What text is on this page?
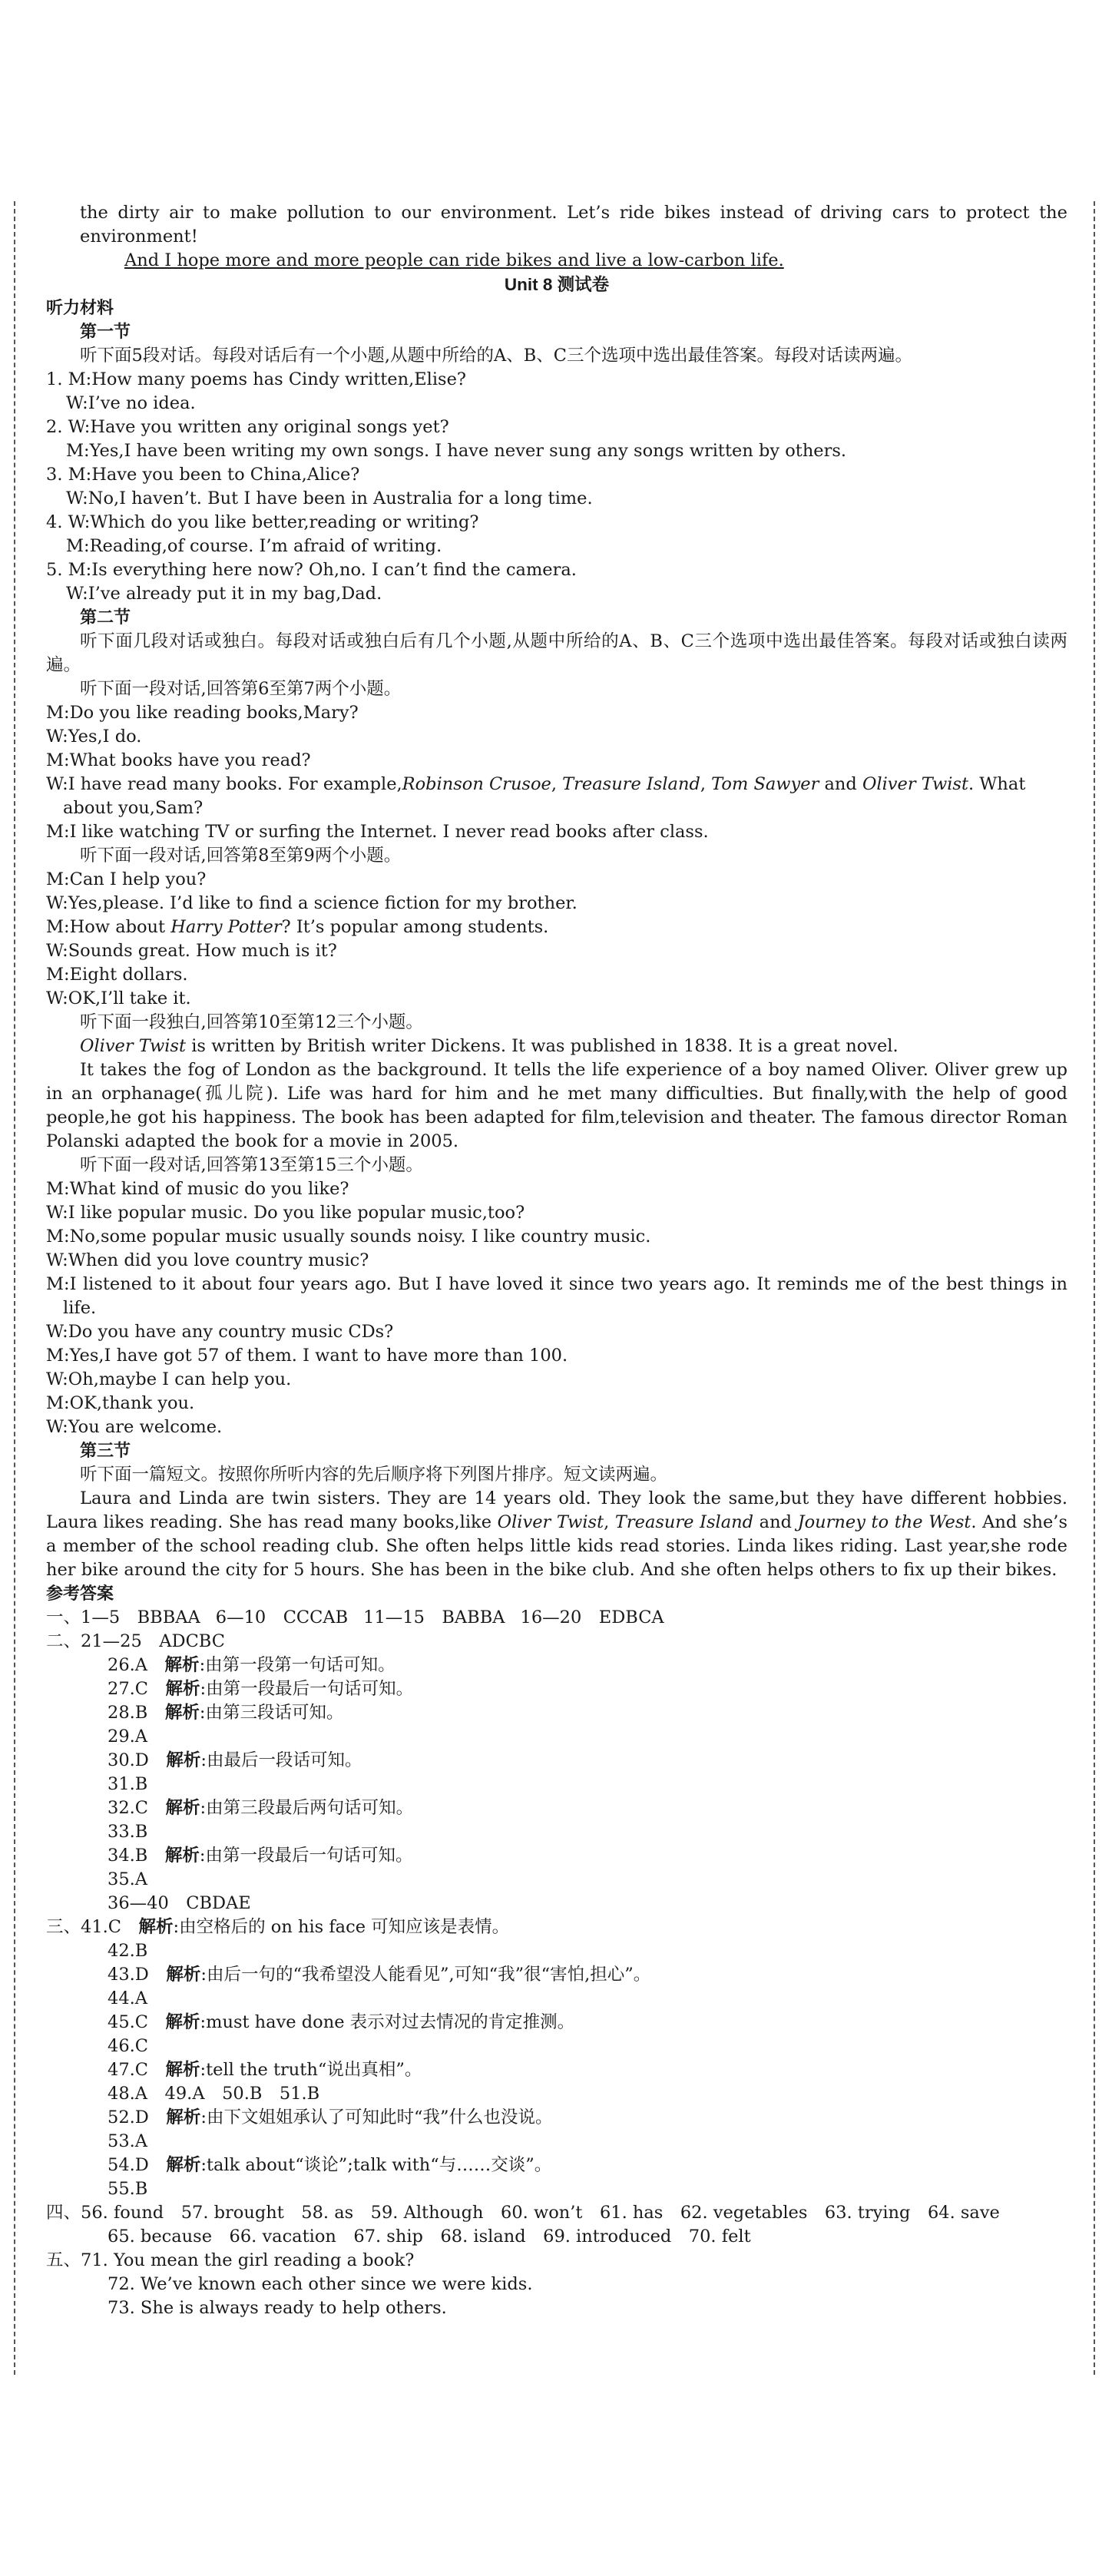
the dirty air to make pollution to our environment. Let’s ride bikes instead of driving cars to protect the environment!

And I hope more and more people can ride bikes and live a low-carbon life.

Unit 8 测试卷

听力材料

第一节

听下面5段对话。每段对话后有一个小题,从题中所给的A、B、C三个选项中选出最佳答案。每段对话读两遍。

1. M:How many poems has Cindy written,Elise?

W:I’ve no idea.

2. W:Have you written any original songs yet?

M:Yes,I have been writing my own songs. I have never sung any songs written by others.

3. M:Have you been to China,Alice?

W:No,I haven’t. But I have been in Australia for a long time.

4. W:Which do you like better,reading or writing?

M:Reading,of course. I’m afraid of writing.

5. M:Is everything here now? Oh,no. I can’t find the camera.

W:I’ve already put it in my bag,Dad.

第二节

听下面几段对话或独白。每段对话或独白后有几个小题,从题中所给的A、B、C三个选项中选出最佳答案。每段对话或独白读两遍。

听下面一段对话,回答第6至第7两个小题。

M:Do you like reading books,Mary?

W:Yes,I do.

M:What books have you read?

W:I have read many books. For example,Robinson Crusoe, Treasure Island, Tom Sawyer and Oliver Twist. What about you,Sam?

M:I like watching TV or surfing the Internet. I never read books after class.

听下面一段对话,回答第8至第9两个小题。

M:Can I help you?

W:Yes,please. I’d like to find a science fiction for my brother.

M:How about Harry Potter? It’s popular among students.

W:Sounds great. How much is it?

M:Eight dollars.

W:OK,I’ll take it.

听下面一段独白,回答第10至第12三个小题。

Oliver Twist is written by British writer Dickens. It was published in 1838. It is a great novel.

It takes the fog of London as the background. It tells the life experience of a boy named Oliver. Oliver grew up in an orphanage(孤儿院). Life was hard for him and he met many difficulties. But finally,with the help of good people,he got his happiness. The book has been adapted for film,television and theater. The famous director Roman Polanski adapted the book for a movie in 2005.

听下面一段对话,回答第13至第15三个小题。

M:What kind of music do you like?

W:I like popular music. Do you like popular music,too?

M:No,some popular music usually sounds noisy. I like country music.

W:When did you love country music?

M:I listened to it about four years ago. But I have loved it since two years ago. It reminds me of the best things in life.

W:Do you have any country music CDs?

M:Yes,I have got 57 of them. I want to have more than 100.

W:Oh,maybe I can help you.

M:OK,thank you.

W:You are welcome.

第三节

听下面一篇短文。按照你所听内容的先后顺序将下列图片排序。短文读两遍。

Laura and Linda are twin sisters. They are 14 years old. They look the same,but they have different hobbies. Laura likes reading. She has read many books,like Oliver Twist, Treasure Island and Journey to the West. And she’s a member of the school reading club. She often helps little kids read stories. Linda likes riding. Last year,she rode her bike around the city for 5 hours. She has been in the bike club. And she often helps others to fix up their bikes.

参考答案

一、1—5　BBBAA 6—10　CCCAB 11—15　BABBA 16—20　EDBCA

二、21—25　ADCBC

26.A　 解析:由第一段第一句话可知。

27.C　 解析:由第一段最后一句话可知。

28.B　 解析:由第三段话可知。

29.A

30.D　 解析:由最后一段话可知。

31.B

32.C　 解析:由第三段最后两句话可知。

33.B

34.B　 解析:由第一段最后一句话可知。

35.A

36—40　CBDAE

三、41.C　 解析:由空格后的 on his face 可知应该是表情。

42.B

43.D　 解析:由后一句的“我希望没人能看见”,可知“我”很“害怕,担心”。

44.A

45.C　 解析:must have done 表示对过去情况的肯定推测。

46.C

47.C　 解析:tell the truth“说出真相”。

48.A　49.A　50.B　51.B

52.D　 解析:由下文姐姐承认了可知此时“我”什么也没说。

53.A

54.D　 解析:talk about“谈论”;talk with“与……交谈”。

55.B

四、56. found　57. brought　58. as　59. Although　60. won’t　61. has　62. vegetables　63. trying　64. save

65. because　66. vacation　67. ship　68. island　69. introduced　70. felt

五、71. You mean the girl reading a book?

72. We’ve known each other since we were kids.

73. She is always ready to help others.
